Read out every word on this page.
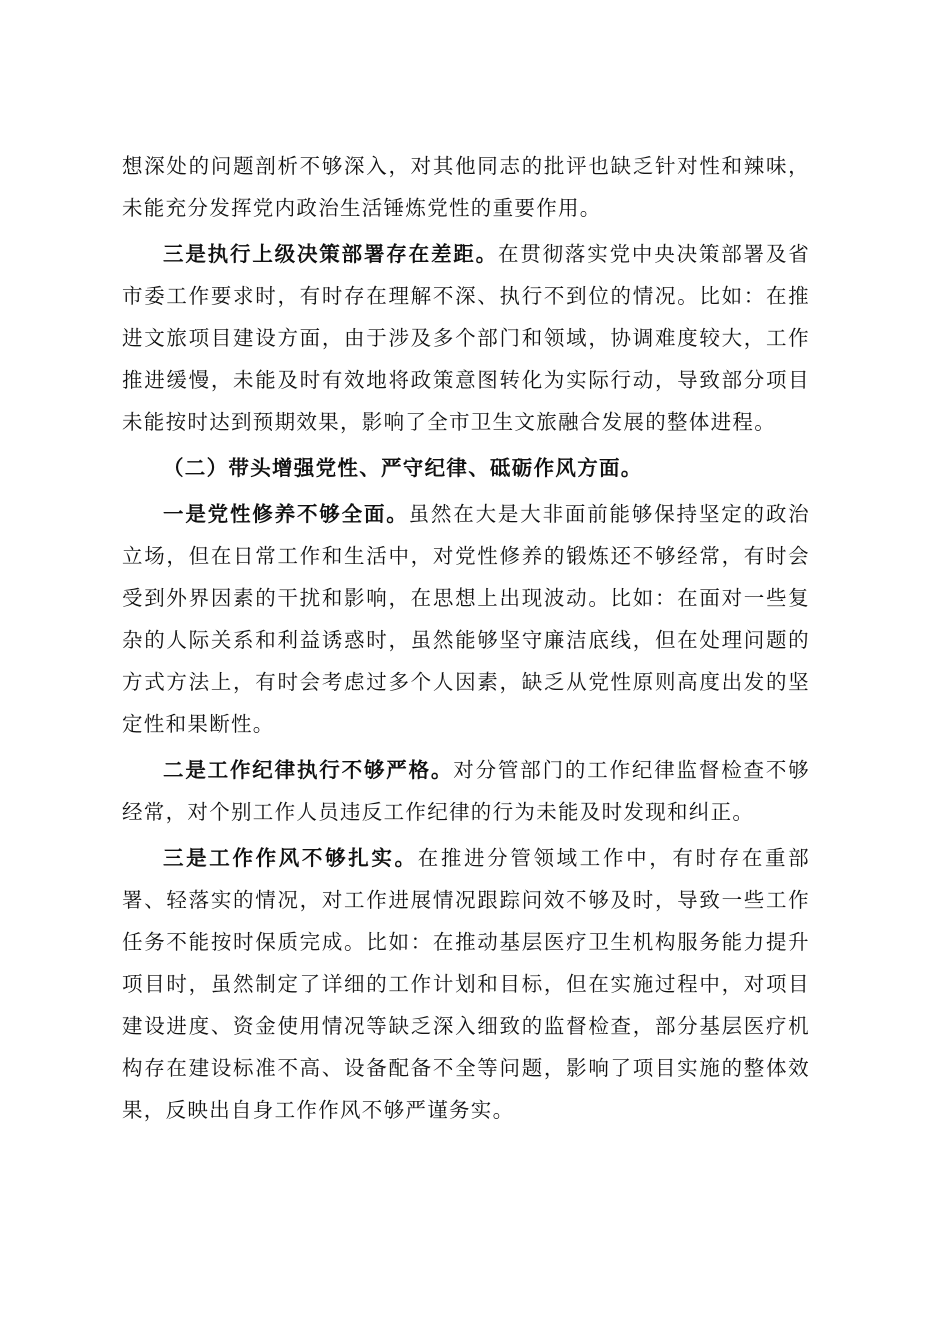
想深处的问题剖析不够深入，对其他同志的批评也缺乏针对性和辣味，未能充分发挥党内政治生活锤炼党性的重要作用。

三是执行上级决策部署存在差距。在贯彻落实党中央决策部署及省市委工作要求时，有时存在理解不深、执行不到位的情况。比如：在推进文旅项目建设方面，由于涉及多个部门和领域，协调难度较大，工作推进缓慢，未能及时有效地将政策意图转化为实际行动，导致部分项目未能按时达到预期效果，影响了全市卫生文旅融合发展的整体进程。

（二）带头增强党性、严守纪律、砥砺作风方面。

一是党性修养不够全面。虽然在大是大非面前能够保持坚定的政治立场，但在日常工作和生活中，对党性修养的锻炼还不够经常，有时会受到外界因素的干扰和影响，在思想上出现波动。比如：在面对一些复杂的人际关系和利益诱惑时，虽然能够坚守廉洁底线，但在处理问题的方式方法上，有时会考虑过多个人因素，缺乏从党性原则高度出发的坚定性和果断性。

二是工作纪律执行不够严格。对分管部门的工作纪律监督检查不够经常，对个别工作人员违反工作纪律的行为未能及时发现和纠正。

三是工作作风不够扎实。在推进分管领域工作中，有时存在重部署、轻落实的情况，对工作进展情况跟踪问效不够及时，导致一些工作任务不能按时保质完成。比如：在推动基层医疗卫生机构服务能力提升项目时，虽然制定了详细的工作计划和目标，但在实施过程中，对项目建设进度、资金使用情况等缺乏深入细致的监督检查，部分基层医疗机构存在建设标准不高、设备配备不全等问题，影响了项目实施的整体效果，反映出自身工作作风不够严谨务实。
